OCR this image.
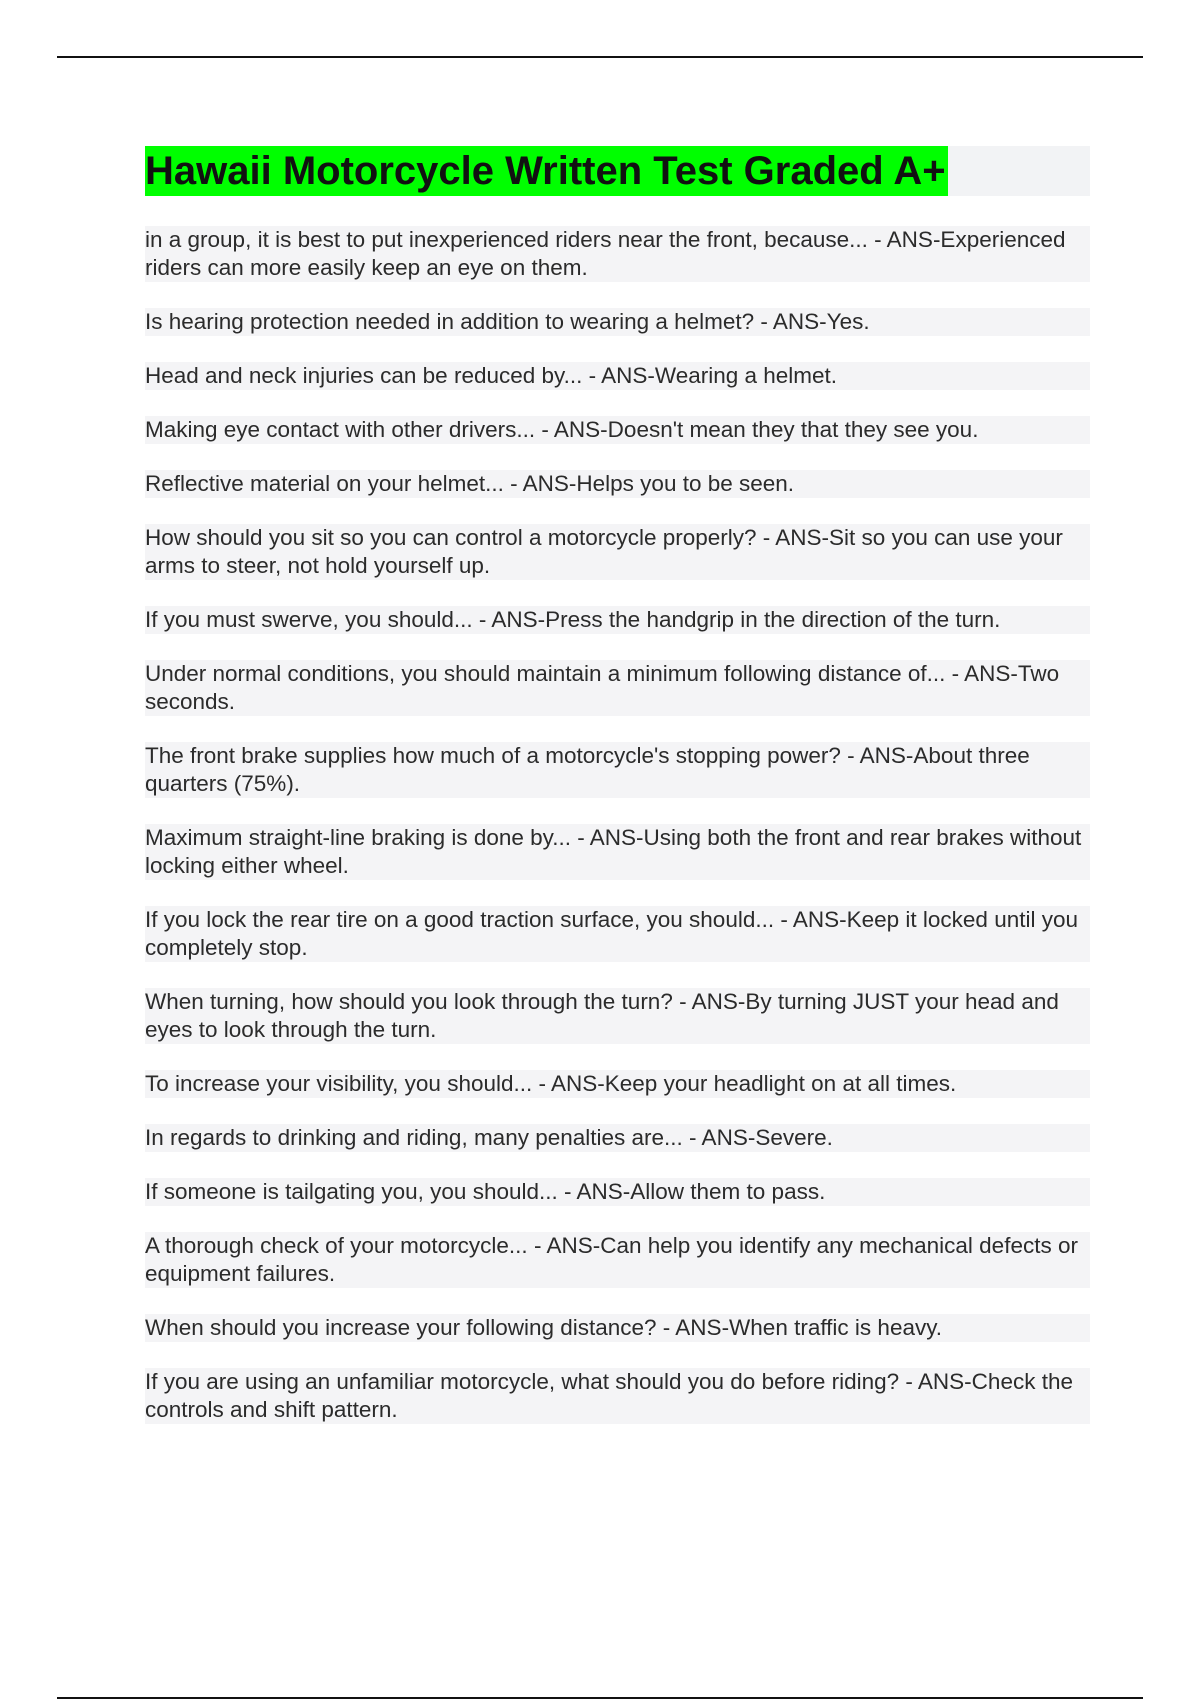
Hawaii Motorcycle Written Test Graded A+

in a group, it is best to put inexperienced riders near the front, because... - ANS-Experienced riders can more easily keep an eye on them.

Is hearing protection needed in addition to wearing a helmet? - ANS-Yes.

Head and neck injuries can be reduced by... - ANS-Wearing a helmet.

Making eye contact with other drivers... - ANS-Doesn't mean they that they see you.

Reflective material on your helmet... - ANS-Helps you to be seen.

How should you sit so you can control a motorcycle properly? - ANS-Sit so you can use your arms to steer, not hold yourself up.

If you must swerve, you should... - ANS-Press the handgrip in the direction of the turn.

Under normal conditions, you should maintain a minimum following distance of... - ANS-Two seconds.

The front brake supplies how much of a motorcycle's stopping power? - ANS-About three quarters (75%).

Maximum straight-line braking is done by... - ANS-Using both the front and rear brakes without locking either wheel.

If you lock the rear tire on a good traction surface, you should... - ANS-Keep it locked until you completely stop.

When turning, how should you look through the turn? - ANS-By turning JUST your head and eyes to look through the turn.

To increase your visibility, you should... - ANS-Keep your headlight on at all times.

In regards to drinking and riding, many penalties are... - ANS-Severe.

If someone is tailgating you, you should... - ANS-Allow them to pass.

A thorough check of your motorcycle... - ANS-Can help you identify any mechanical defects or equipment failures.

When should you increase your following distance? - ANS-When traffic is heavy.

If you are using an unfamiliar motorcycle, what should you do before riding? - ANS-Check the controls and shift pattern.
